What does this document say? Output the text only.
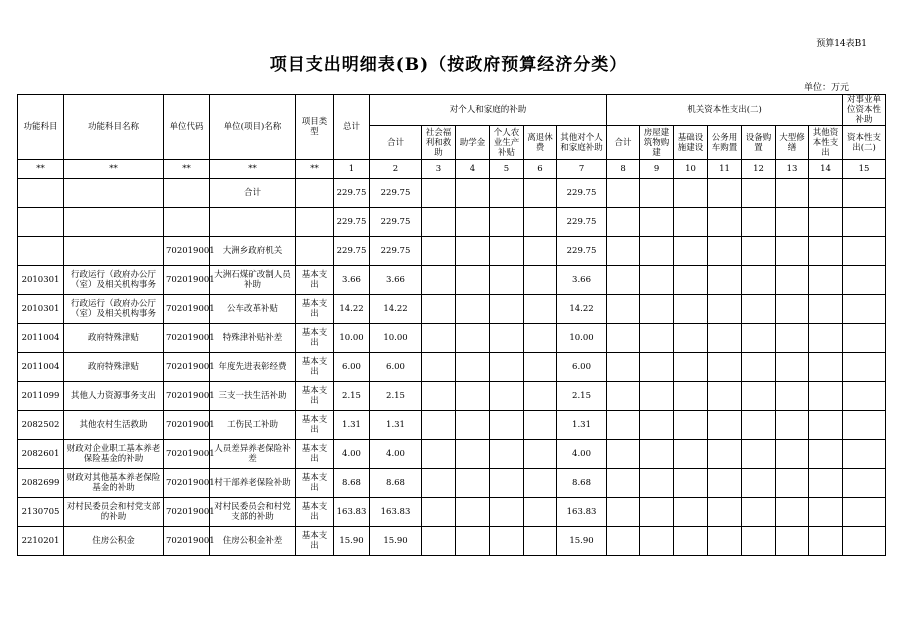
预算14表B1
项目支出明细表(B)（按政府预算经济分类）
单位：万元
功能科目	功能科目名称	单位代码	单位(项目)名称	项目类型	总计	对个人和家庭的补助						机关资本性支出(二)							对事业单位资本性补助
						合计	社会福利和救助	助学金	个人农业生产补贴	离退休费	其他对个人和家庭补助	合计	房屋建筑物购建	基础设施建设	公务用车购置	设备购置	大型修缮	其他资本性支出	资本性支出(二)
**	**	**	**	**	1	2	3	4	5	6	7	8	9	10	11	12	13	14	15
			合计		229.75	229.75					229.75								
					229.75	229.75					229.75								
		702019001	大洲乡政府机关		229.75	229.75					229.75								
2010301	行政运行（政府办公厅（室）及相关机构事务	702019001	大洲石煤矿改制人员补助	基本支出	3.66	3.66					3.66								
2010301	行政运行（政府办公厅（室）及相关机构事务	702019001	公车改革补贴	基本支出	14.22	14.22					14.22								
2011004	政府特殊津贴	702019001	特殊津补贴补差	基本支出	10.00	10.00					10.00								
2011004	政府特殊津贴	702019001	年度先进表彰经费	基本支出	6.00	6.00					6.00								
2011099	其他人力资源事务支出	702019001	三支一扶生活补助	基本支出	2.15	2.15					2.15								
2082502	其他农村生活救助	702019001	工伤民工补助	基本支出	1.31	1.31					1.31								
2082601	财政对企业职工基本养老保险基金的补助	702019001	人员差异养老保险补差	基本支出	4.00	4.00					4.00								
2082699	财政对其他基本养老保险基金的补助	702019001	村干部养老保险补助	基本支出	8.68	8.68					8.68								
2130705	对村民委员会和村党支部的补助	702019001	对村民委员会和村党支部的补助	基本支出	163.83	163.83					163.83								
2210201	住房公积金	702019001	住房公积金补差	基本支出	15.90	15.90					15.90								
